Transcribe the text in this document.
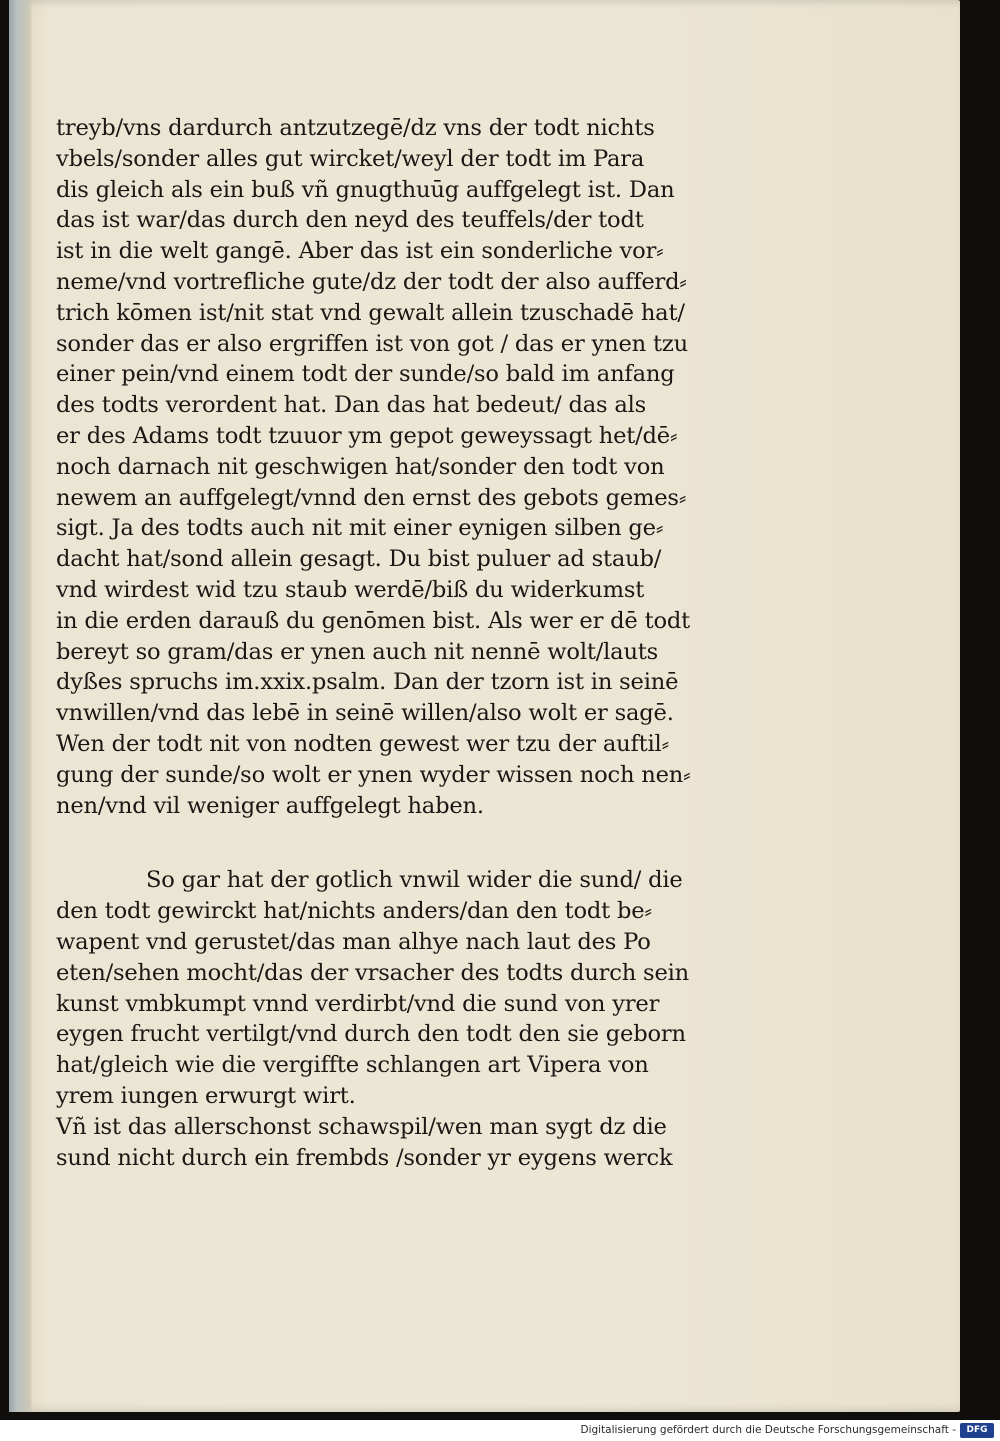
treyb/vns dardurch antzutzegē/dz vns der todt nichts
vbels/sonder alles gut wircket/weyl der todt im Para
dis gleich als ein buß vñ gnugthuūg auffgelegt ist. Dan
das ist war/das durch den neyd des teuffels/der todt
ist in die welt gangē. Aber das ist ein sonderliche vor⸗
neme/vnd vortrefliche gute/dz der todt der also aufferd⸗
trich kōmen ist/nit stat vnd gewalt allein tzuschadē hat/
sonder das er also ergriffen ist von got / das er ynen tzu
einer pein/vnd einem todt der sunde/so bald im anfang
des todts verordent hat. Dan das hat bedeut/ das als
er des Adams todt tzuuor ym gepot geweyssagt het/dē⸗
noch darnach nit geschwigen hat/sonder den todt von
newem an auffgelegt/vnnd den ernst des gebots gemes⸗
sigt. Ja des todts auch nit mit einer eynigen silben ge⸗
dacht hat/sond allein gesagt. Du bist puluer ad staub/
vnd wirdest wid tzu staub werdē/biß du widerkumst
in die erden darauß du genōmen bist. Als wer er dē todt
bereyt so gram/das er ynen auch nit nennē wolt/lauts
dyßes spruchs im.xxix.psalm. Dan der tzorn ist in seinē
vnwillen/vnd das lebē in seinē willen/also wolt er sagē.
Wen der todt nit von nodten gewest wer tzu der auftil⸗
gung der sunde/so wolt er ynen wyder wissen noch nen⸗
nen/vnd vil weniger auffgelegt haben.
So gar hat der gotlich vnwil wider die sund/ die
den todt gewirckt hat/nichts anders/dan den todt be⸗
wapent vnd gerustet/das man alhye nach laut des Po
eten/sehen mocht/das der vrsacher des todts durch sein
kunst vmbkumpt vnnd verdirbt/vnd die sund von yrer
eygen frucht vertilgt/vnd durch den todt den sie geborn
hat/gleich wie die vergiffte schlangen art Vipera von
yrem iungen erwurgt wirt.
Vñ ist das allerschonst schawspil/wen man sygt dz die
sund nicht durch ein frembds /sonder yr eygens werck
Digitalisierung gefördert durch die Deutsche Forschungsgemeinschaft -	DFG
